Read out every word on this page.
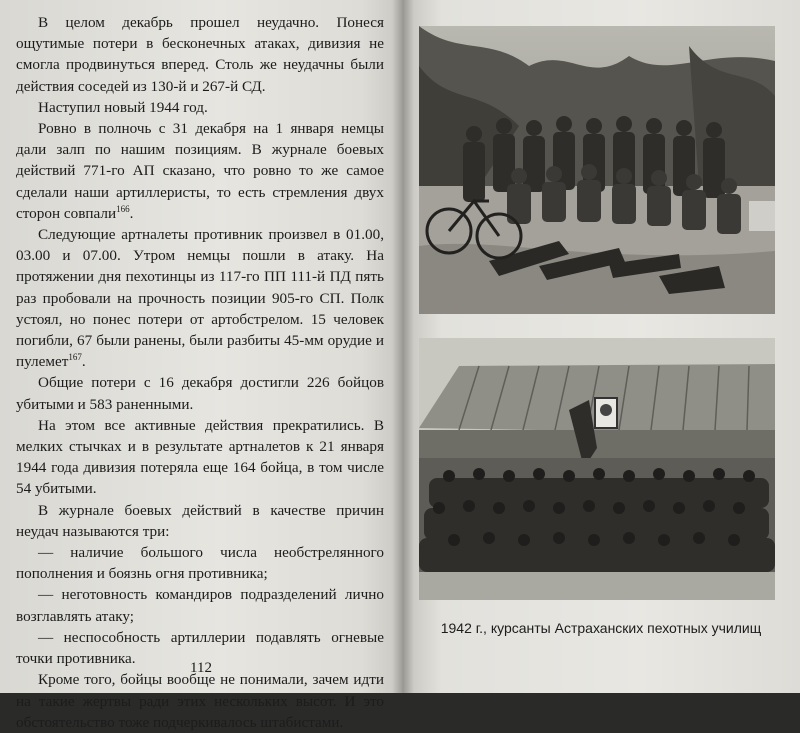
В целом декабрь прошел неудачно. Понеся ощутимые потери в бесконечных атаках, дивизия не смогла продвинуться вперед. Столь же неудачны были действия соседей из 130-й и 267-й СД.

Наступил новый 1944 год.

Ровно в полночь с 31 декабря на 1 января немцы дали залп по нашим позициям. В журнале боевых действий 771-го АП сказано, что ровно то же самое сделали наши артиллеристы, то есть стремления двух сторон совпали$^{166}$.

Следующие артналеты противник произвел в 01.00, 03.00 и 07.00. Утром немцы пошли в атаку. На протяжении дня пехотинцы из 117-го ПП 111-й ПД пять раз пробовали на прочность позиции 905-го СП. Полк устоял, но понес потери от артобстрелом. 15 человек погибли, 67 были ранены, были разбиты 45-мм орудие и пулемет$^{167}$.

Общие потери с 16 декабря достигли 226 бойцов убитыми и 583 раненными.

На этом все активные действия прекратились. В мелких стычках и в результате артналетов к 21 января 1944 года дивизия потеряла еще 164 бойца, в том числе 54 убитыми.

В журнале боевых действий в качестве причин неудач называются три:

— наличие большого числа необстрелянного пополнения и боязнь огня противника;

— неготовность командиров подразделений лично возглавлять атаку;

— неспособность артиллерии подавлять огневые точки противника.

Кроме того, бойцы вообще не понимали, зачем идти на такие жертвы ради этих нескольких высот. И это обстоятельство тоже подчеркивалось штабистами.

112
1942 г., курсанты Астраханских пехотных училищ
